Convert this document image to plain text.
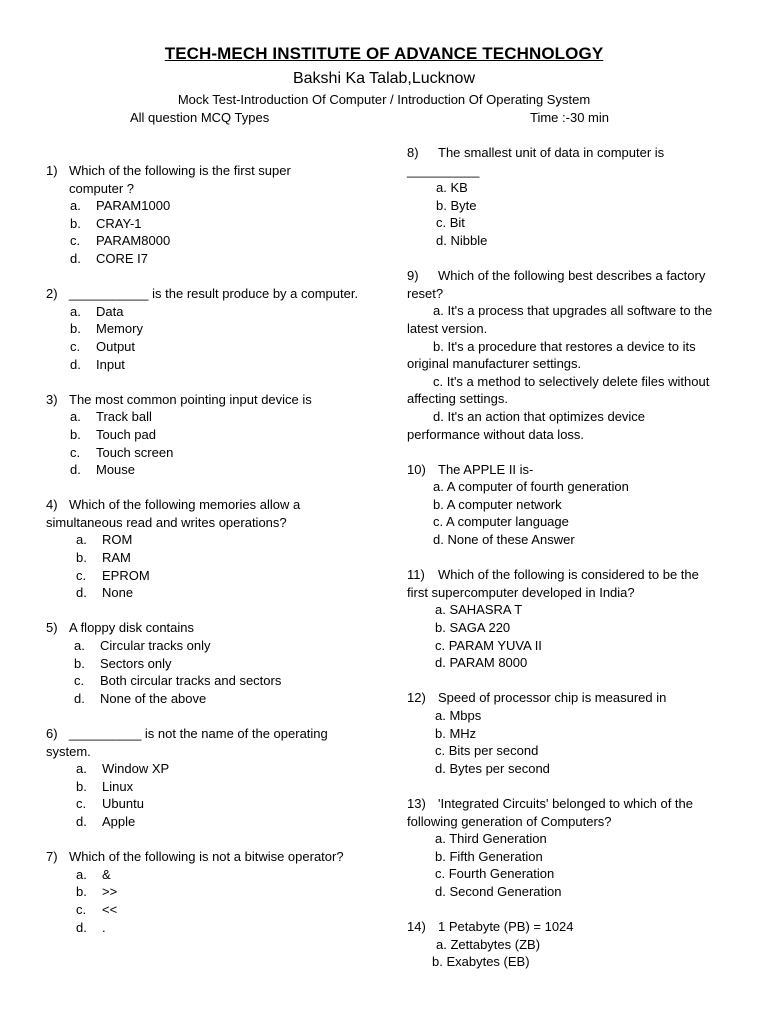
TECH-MECH INSTITUTE OF ADVANCE TECHNOLOGY
Bakshi Ka Talab,Lucknow
Mock Test-Introduction Of Computer / Introduction Of Operating System
All question MCQ Types	Time :-30 min
1) Which of the following is the first super
computer ?
a. PARAM1000
b. CRAY-1
c. PARAM8000
d. CORE I7
2) ___________ is the result produce by a computer.
a. Data
b. Memory
c. Output
d. Input
3) The most common pointing input device is
a. Track ball
b. Touch pad
c. Touch screen
d. Mouse
4) Which of the following memories allow a
simultaneous read and writes operations?
a. ROM
b. RAM
c. EPROM
d. None
5) A floppy disk contains
a. Circular tracks only
b. Sectors only
c. Both circular tracks and sectors
d. None of the above
6) __________ is not the name of the operating
system.
a. Window XP
b. Linux
c. Ubuntu
d. Apple
7) Which of the following is not a bitwise operator?
a. &
b. >>
c. <<
d. .
8) The smallest unit of data in computer is
__________
a. KB
b. Byte
c. Bit
d. Nibble
9) Which of the following best describes a factory
reset?
a. It's a process that upgrades all software to the
latest version.
b. It's a procedure that restores a device to its
original manufacturer settings.
c. It's a method to selectively delete files without
affecting settings.
d. It's an action that optimizes device
performance without data loss.
10) The APPLE II is-
a. A computer of fourth generation
b. A computer network
c. A computer language
d. None of these Answer
11) Which of the following is considered to be the
first supercomputer developed in India?
a. SAHASRA T
b. SAGA 220
c. PARAM YUVA II
d. PARAM 8000
12) Speed of processor chip is measured in
a. Mbps
b. MHz
c. Bits per second
d. Bytes per second
13) 'Integrated Circuits' belonged to which of the
following generation of Computers?
a. Third Generation
b. Fifth Generation
c. Fourth Generation
d. Second Generation
14) 1 Petabyte (PB) = 1024
a. Zettabytes (ZB)
b. Exabytes (EB)
